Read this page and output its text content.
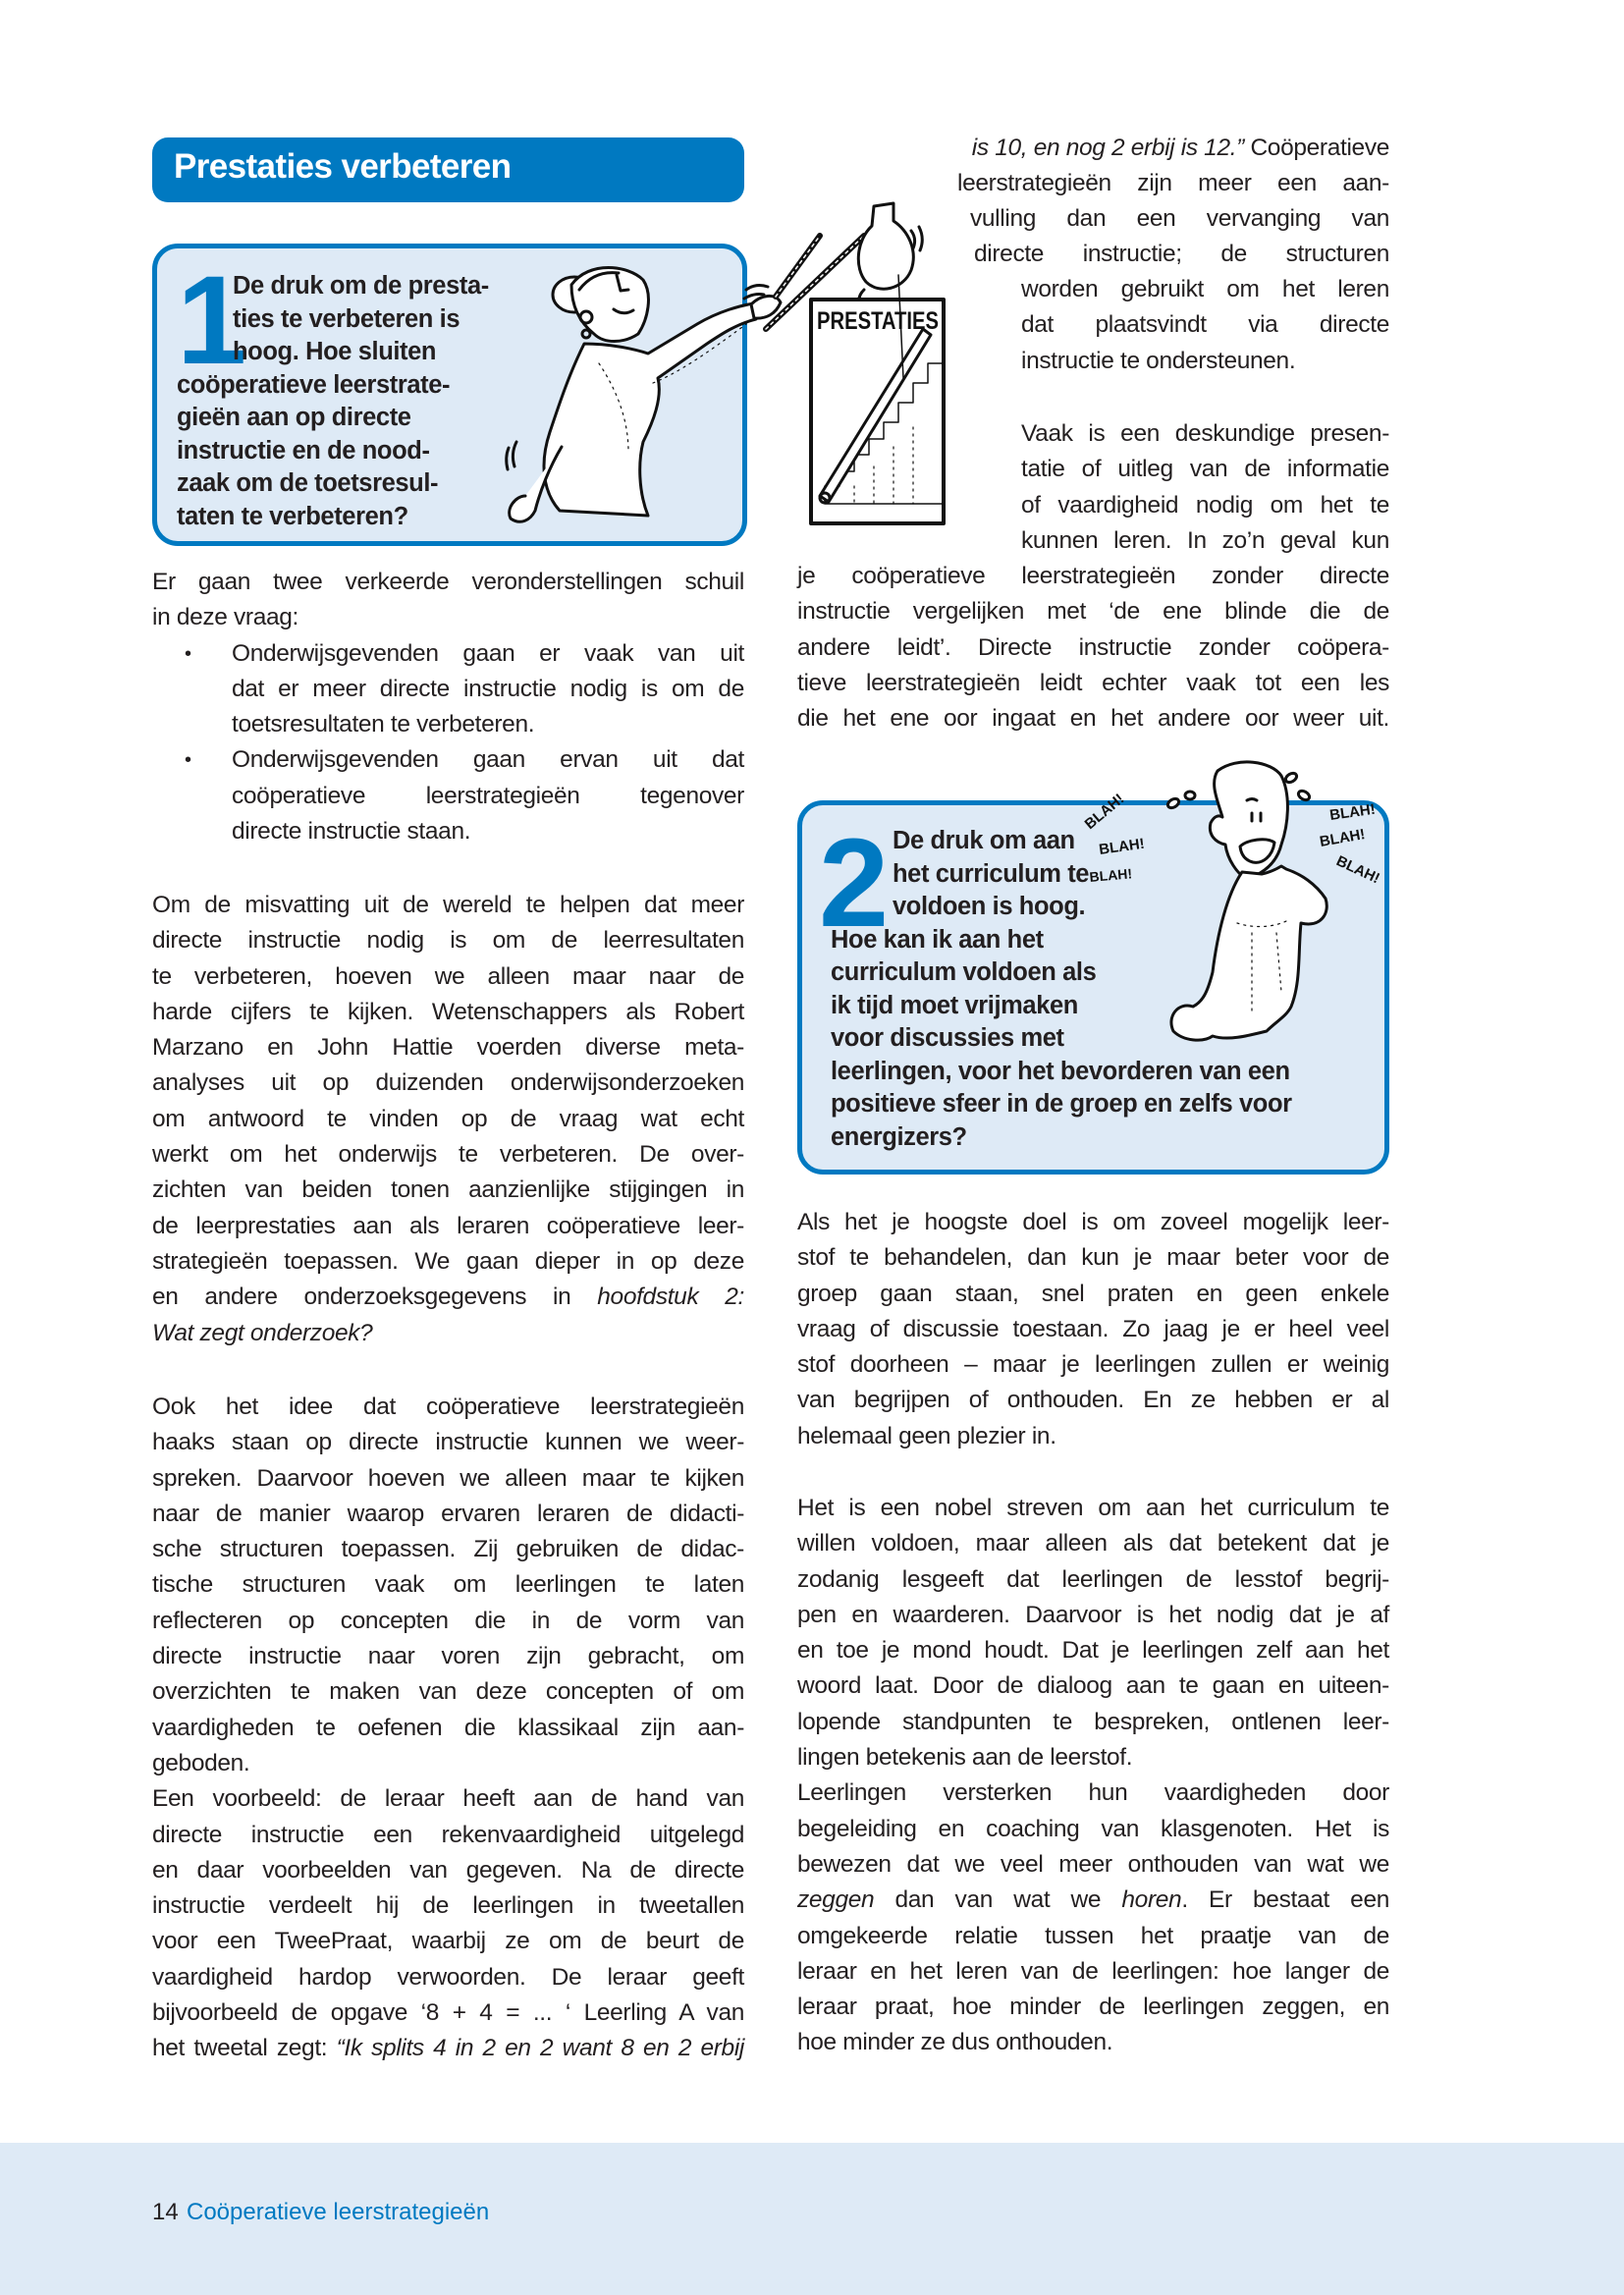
Prestaties verbeteren
1
De druk om de presta-
ties te verbeteren is
hoog. Hoe sluiten
coöperatieve leerstrate-
gieën aan op directe
instructie en de nood-
zaak om de toetsresul-
taten te verbeteren?
PRESTATIES
Er gaan twee verkeerde veronderstellingen schuil
in deze vraag:
• Onderwijsgevenden gaan er vaak van uit
dat er meer directe instructie nodig is om de
toetsresultaten te verbeteren.
• Onderwijsgevenden gaan ervan uit dat
coöperatieve leerstrategieën tegenover
directe instructie staan.
Om de misvatting uit de wereld te helpen dat meer
directe instructie nodig is om de leerresultaten
te verbeteren, hoeven we alleen maar naar de
harde cijfers te kijken. Wetenschappers als Robert
Marzano en John Hattie voerden diverse meta-
analyses uit op duizenden onderwijsonderzoeken
om antwoord te vinden op de vraag wat echt
werkt om het onderwijs te verbeteren. De over-
zichten van beiden tonen aanzienlijke stijgingen in
de leerprestaties aan als leraren coöperatieve leer-
strategieën toepassen. We gaan dieper in op deze
en andere onderzoeksgegevens in hoofdstuk 2:
Wat zegt onderzoek?
Ook het idee dat coöperatieve leerstrategieën
haaks staan op directe instructie kunnen we weer-
spreken. Daarvoor hoeven we alleen maar te kijken
naar de manier waarop ervaren leraren de didacti-
sche structuren toepassen. Zij gebruiken de didac-
tische structuren vaak om leerlingen te laten
reflecteren op concepten die in de vorm van
directe instructie naar voren zijn gebracht, om
overzichten te maken van deze concepten of om
vaardigheden te oefenen die klassikaal zijn aan-
geboden.
Een voorbeeld: de leraar heeft aan de hand van
directe instructie een rekenvaardigheid uitgelegd
en daar voorbeelden van gegeven. Na de directe
instructie verdeelt hij de leerlingen in tweetallen
voor een TweePraat, waarbij ze om de beurt de
vaardigheid hardop verwoorden. De leraar geeft
bijvoorbeeld de opgave ‘8 + 4 = ... ‘ Leerling A van
het tweetal zegt: “Ik splits 4 in 2 en 2 want 8 en 2 erbij
is 10, en nog 2 erbij is 12.” Coöperatieve
leerstrategieën zijn meer een aan-
vulling dan een vervanging van
directe instructie; de structuren
worden gebruikt om het leren
dat plaatsvindt via directe
instructie te ondersteunen.
Vaak is een deskundige presen-
tatie of uitleg van de informatie
of vaardigheid nodig om het te
kunnen leren. In zo’n geval kun
je coöperatieve leerstrategieën zonder directe
instructie vergelijken met ‘de ene blinde die de
andere leidt’. Directe instructie zonder coöpera-
tieve leerstrategieën leidt echter vaak tot een les
die het ene oor ingaat en het andere oor weer uit.
2 De druk om aan
het curriculum te
voldoen is hoog.
Hoe kan ik aan het
curriculum voldoen als
ik tijd moet vrijmaken
voor discussies met
leerlingen, voor het bevorderen van een
positieve sfeer in de groep en zelfs voor
energizers?
BLAH!
BLAH!
BLAH!
BLAH!
BLAH!
BLAH!
Als het je hoogste doel is om zoveel mogelijk leer-
stof te behandelen, dan kun je maar beter voor de
groep gaan staan, snel praten en geen enkele
vraag of discussie toestaan. Zo jaag je er heel veel
stof doorheen – maar je leerlingen zullen er weinig
van begrijpen of onthouden. En ze hebben er al
helemaal geen plezier in.
Het is een nobel streven om aan het curriculum te
willen voldoen, maar alleen als dat betekent dat je
zodanig lesgeeft dat leerlingen de lesstof begrij-
pen en waarderen. Daarvoor is het nodig dat je af
en toe je mond houdt. Dat je leerlingen zelf aan het
woord laat. Door de dialoog aan te gaan en uiteen-
lopende standpunten te bespreken, ontlenen leer-
lingen betekenis aan de leerstof.
Leerlingen versterken hun vaardigheden door
begeleiding en coaching van klasgenoten. Het is
bewezen dat we veel meer onthouden van wat we
zeggen dan van wat we horen. Er bestaat een
omgekeerde relatie tussen het praatje van de
leraar en het leren van de leerlingen: hoe langer de
leraar praat, hoe minder de leerlingen zeggen, en
hoe minder ze dus onthouden.
14 Coöperatieve leerstrategieën
